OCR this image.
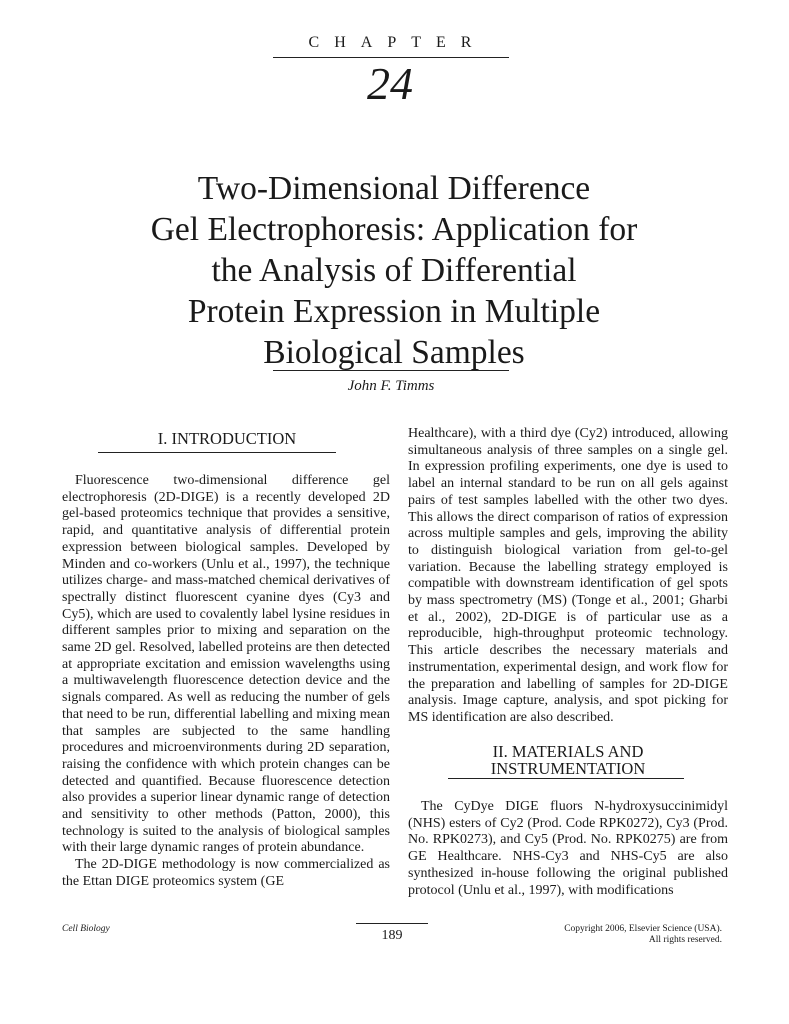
CHAPTER
24
Two-Dimensional Difference
Gel Electrophoresis: Application for
the Analysis of Differential
Protein Expression in Multiple
Biological Samples
John F. Timms
I. INTRODUCTION

Fluorescence two-dimensional difference gel electrophoresis (2D-DIGE) is a recently developed 2D gel-based proteomics technique that provides a sensitive, rapid, and quantitative analysis of differential protein expression between biological samples. Developed by Minden and co-workers (Unlu et al., 1997), the technique utilizes charge- and mass-matched chemical derivatives of spectrally distinct fluorescent cyanine dyes (Cy3 and Cy5), which are used to covalently label lysine residues in different samples prior to mixing and separation on the same 2D gel. Resolved, labelled proteins are then detected at appropriate excitation and emission wavelengths using a multiwavelength fluorescence detection device and the signals compared. As well as reducing the number of gels that need to be run, differential labelling and mixing mean that samples are subjected to the same handling procedures and microenvironments during 2D separation, raising the confidence with which protein changes can be detected and quantified. Because fluorescence detection also provides a superior linear dynamic range of detection and sensitivity to other methods (Patton, 2000), this technology is suited to the analysis of biological samples with their large dynamic ranges of protein abundance.

The 2D-DIGE methodology is now commercialized as the Ettan DIGE proteomics system (GE

Healthcare), with a third dye (Cy2) introduced, allowing simultaneous analysis of three samples on a single gel. In expression profiling experiments, one dye is used to label an internal standard to be run on all gels against pairs of test samples labelled with the other two dyes. This allows the direct comparison of ratios of expression across multiple samples and gels, improving the ability to distinguish biological variation from gel-to-gel variation. Because the labelling strategy employed is compatible with downstream identification of gel spots by mass spectrometry (MS) (Tonge et al., 2001; Gharbi et al., 2002), 2D-DIGE is of particular use as a reproducible, high-throughput proteomic technology. This article describes the necessary materials and instrumentation, experimental design, and work flow for the preparation and labelling of samples for 2D-DIGE analysis. Image capture, analysis, and spot picking for MS identification are also described.

II. MATERIALS AND
INSTRUMENTATION

The CyDye DIGE fluors N-hydroxysuccinimidyl (NHS) esters of Cy2 (Prod. Code RPK0272), Cy3 (Prod. No. RPK0273), and Cy5 (Prod. No. RPK0275) are from GE Healthcare. NHS-Cy3 and NHS-Cy5 are also synthesized in-house following the original published protocol (Unlu et al., 1997), with modifications

Cell Biology	189	Copyright 2006, Elsevier Science (USA).
All rights reserved.
